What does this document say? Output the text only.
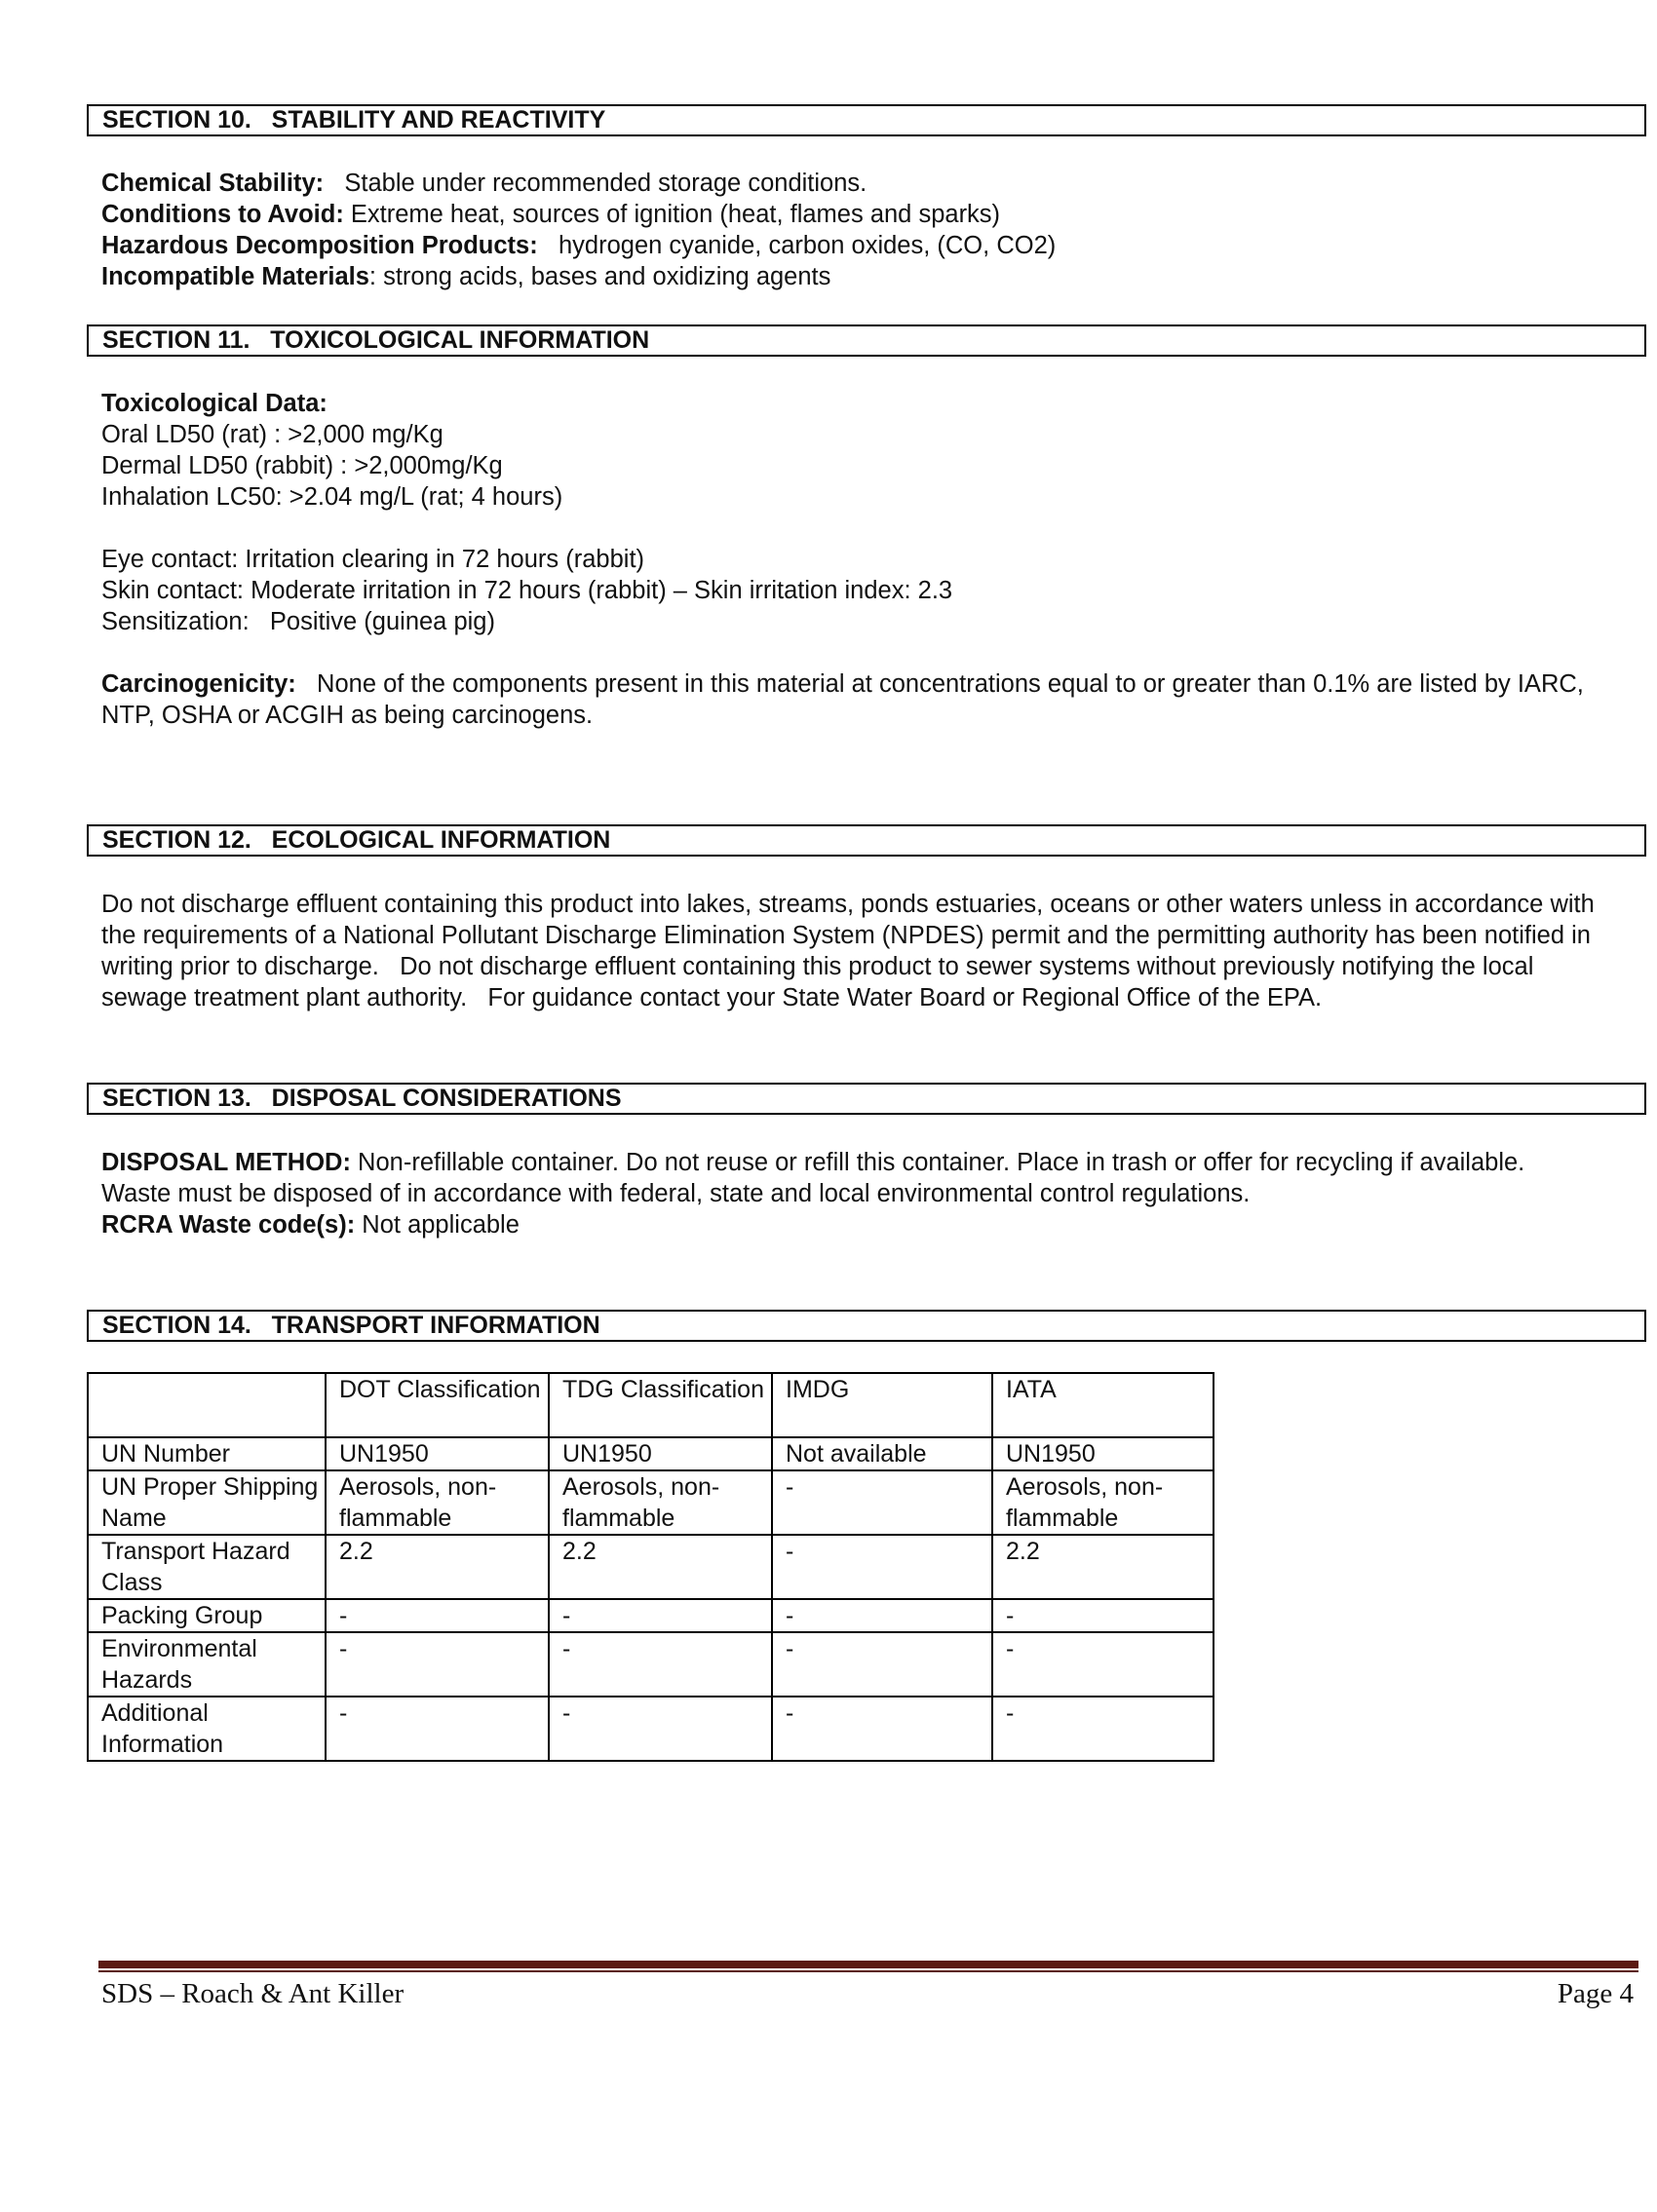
SECTION 10.   STABILITY AND REACTIVITY

Chemical Stability:   Stable under recommended storage conditions.

Conditions to Avoid: Extreme heat, sources of ignition (heat, flames and sparks)

Hazardous Decomposition Products:   hydrogen cyanide, carbon oxides, (CO, CO2)

Incompatible Materials: strong acids, bases and oxidizing agents

SECTION 11.   TOXICOLOGICAL INFORMATION

Toxicological Data:

Oral LD50 (rat) : >2,000 mg/Kg

Dermal LD50 (rabbit) : >2,000mg/Kg

Inhalation LC50: >2.04 mg/L (rat; 4 hours)

Eye contact: Irritation clearing in 72 hours (rabbit)

Skin contact: Moderate irritation in 72 hours (rabbit) – Skin irritation index: 2.3

Sensitization:   Positive (guinea pig)

Carcinogenicity:   None of the components present in this material at concentrations equal to or greater than 0.1% are listed by IARC, NTP, OSHA or ACGIH as being carcinogens.

SECTION 12.   ECOLOGICAL INFORMATION

Do not discharge effluent containing this product into lakes, streams, ponds estuaries, oceans or other waters unless in accordance with the requirements of a National Pollutant Discharge Elimination System (NPDES) permit and the permitting authority has been notified in writing prior to discharge.   Do not discharge effluent containing this product to sewer systems without previously notifying the local sewage treatment plant authority.   For guidance contact your State Water Board or Regional Office of the EPA.

SECTION 13.   DISPOSAL CONSIDERATIONS

DISPOSAL METHOD: Non-refillable container. Do not reuse or refill this container. Place in trash or offer for recycling if available. Waste must be disposed of in accordance with federal, state and local environmental control regulations.

RCRA Waste code(s): Not applicable

SECTION 14.   TRANSPORT INFORMATION
	DOT Classification	TDG Classification	IMDG	IATA
UN Number	UN1950	UN1950	Not available	UN1950
UN Proper Shipping Name	Aerosols, non-flammable	Aerosols, non-flammable	-	Aerosols, non-flammable
Transport Hazard Class	2.2	2.2	-	2.2
Packing Group	-	-	-	-
Environmental Hazards	-	-	-	-
Additional Information	-	-	-	-
SDS – Roach & Ant Killer	Page 4
